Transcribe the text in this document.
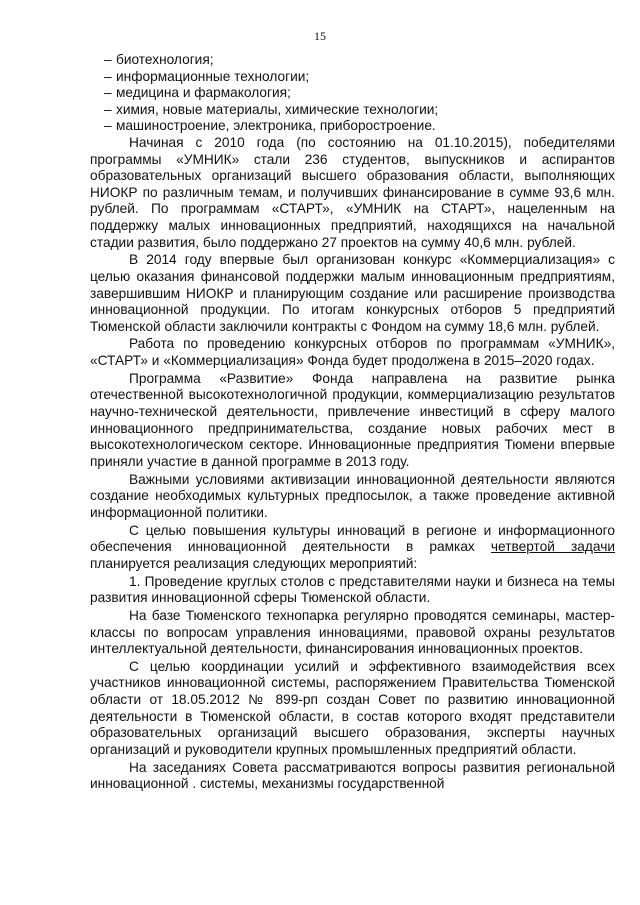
15
– биотехнология;
– информационные технологии;
– медицина и фармакология;
– химия, новые материалы, химические технологии;
– машиностроение, электроника, приборостроение.

Начиная с 2010 года (по состоянию на 01.10.2015), победителями программы «УМНИК» стали 236 студентов, выпускников и аспирантов образовательных организаций высшего образования области, выполняющих НИОКР по различным темам, и получивших финансирование в сумме 93,6 млн. рублей. По программам «СТАРТ», «УМНИК на СТАРТ», нацеленным на поддержку малых инновационных предприятий, находящихся на начальной стадии развития, было поддержано 27 проектов на сумму 40,6 млн. рублей.

В 2014 году впервые был организован конкурс «Коммерциализация» с целью оказания финансовой поддержки малым инновационным предприятиям, завершившим НИОКР и планирующим создание или расширение производства инновационной продукции. По итогам конкурсных отборов 5 предприятий Тюменской области заключили контракты с Фондом на сумму 18,6 млн. рублей.

Работа по проведению конкурсных отборов по программам «УМНИК», «СТАРТ» и «Коммерциализация» Фонда будет продолжена в 2015–2020 годах.

Программа «Развитие» Фонда направлена на развитие рынка отечественной высокотехнологичной продукции, коммерциализацию результатов научно-технической деятельности, привлечение инвестиций в сферу малого инновационного предпринимательства, создание новых рабочих мест в высокотехнологическом секторе. Инновационные предприятия Тюмени впервые приняли участие в данной программе в 2013 году.

Важными условиями активизации инновационной деятельности являются создание необходимых культурных предпосылок, а также проведение активной информационной политики.

С целью повышения культуры инноваций в регионе и информационного обеспечения инновационной деятельности в рамках четвертой задачи планируется реализация следующих мероприятий:

1. Проведение круглых столов с представителями науки и бизнеса на темы развития инновационной сферы Тюменской области.

На базе Тюменского технопарка регулярно проводятся семинары, мастер-классы по вопросам управления инновациями, правовой охраны результатов интеллектуальной деятельности, финансирования инновационных проектов.

С целью координации усилий и эффективного взаимодействия всех участников инновационной системы, распоряжением Правительства Тюменской области от 18.05.2012 № 899-рп создан Совет по развитию инновационной деятельности в Тюменской области, в состав которого входят представители образовательных организаций высшего образования, эксперты научных организаций и руководители крупных промышленных предприятий области.

На заседаниях Совета рассматриваются вопросы развития региональной инновационной . системы, механизмы государственной
